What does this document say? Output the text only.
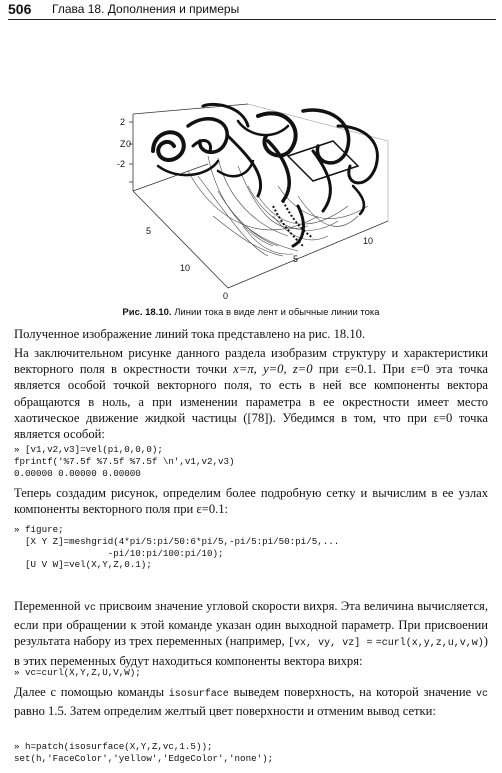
506 Глава 18. Дополнения и примеры
2
Z 0
-2
0
10
5
5
10
Рис. 18.10. Линии тока в виде лент и обычные линии тока

Полученное изображение линий тока представлено на рис. 18.10.

На заключительном рисунке данного раздела изобразим структуру и характеристики векторного поля в окрестности точки x=π, y=0, z=0 при ε=0.1. При ε=0 эта точка является особой точкой векторного поля, то есть в ней все компоненты вектора обращаются в ноль, а при изменении параметра в ее окрестности имеет место хаотическое движение жидкой частицы ([78]). Убедимся в том, что при ε=0 точка является особой:

» [v1,v2,v3]=vel(pi,0,0,0);
fprintf('%7.5f %7.5f %7.5f \n',v1,v2,v3)
0.00000 0.00000 0.00000

Теперь создадим рисунок, определим более подробную сетку и вычислим в ее узлах компоненты векторного поля при ε=0.1:

» figure;
[X Y Z]=meshgrid(4*pi/5:pi/50:6*pi/5,-pi/5:pi/50:pi/5,...
-pi/10:pi/100:pi/10);
[U V W]=vel(X,Y,Z,0.1);

Переменной vc присвоим значение угловой скорости вихря. Эта величина вычисляется, если при обращении к этой команде указан один выходной параметр. При присвоении результата набору из трех переменных (например, [vx, vy, vz] = =curl(x,y,z,u,v,w)) в этих переменных будут находиться компоненты вектора вихря:

» vc=curl(X,Y,Z,U,V,W);

Далее с помощью команды isosurface выведем поверхность, на которой значение vc равно 1.5. Затем определим желтый цвет поверхности и отменим вывод сетки:

» h=patch(isosurface(X,Y,Z,vc,1.5));
set(h,'FaceColor','yellow','EdgeColor','none');
